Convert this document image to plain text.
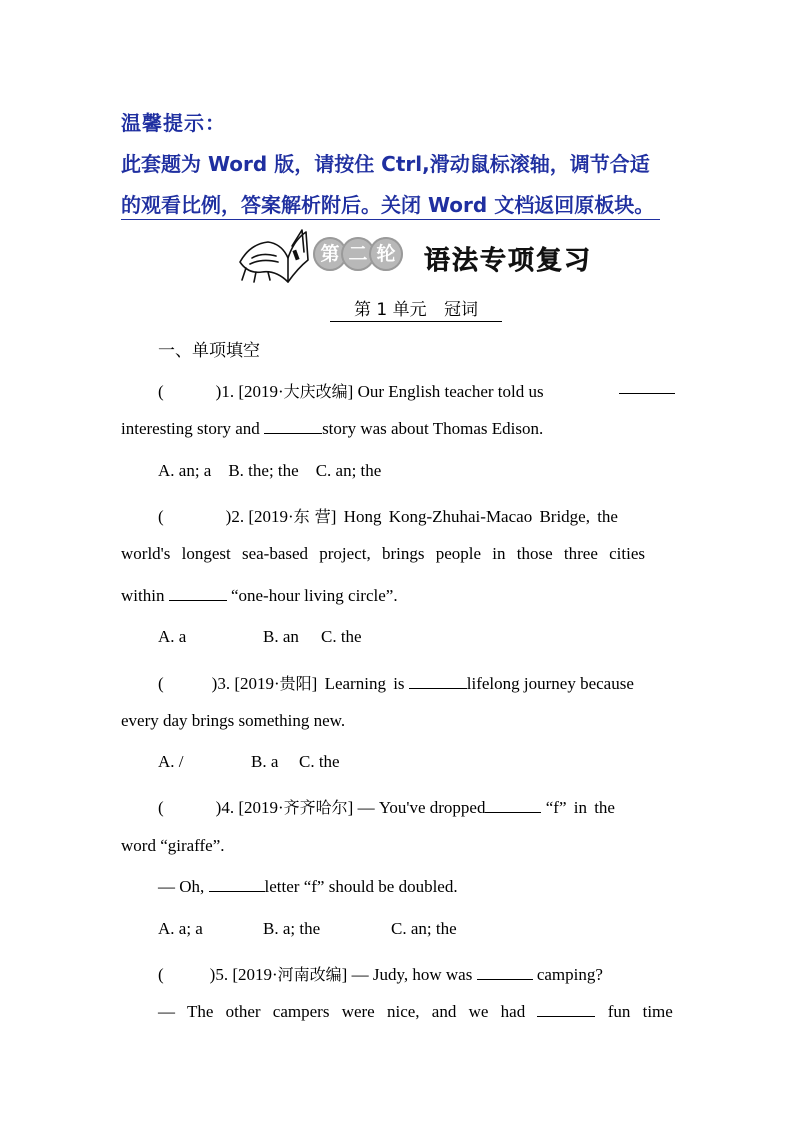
温馨提示：
此套题为 Word 版，请按住 Ctrl,滑动鼠标滚轴，调节合适
的观看比例，答案解析附后。关闭 Word 文档返回原板块。
第 二 轮 语法专项复习
第 1 单元 冠词
一、单项填空
(	)1. [2019·大庆改编] Our English teacher told us
interesting story and	story was about Thomas Edison.
A. an; a B. the; the C. an; the
(	)2. [2019·东 营] Hong Kong-Zhuhai-Macao Bridge, the
world's longest sea-based project, brings people in those three cities
within	“one-hour living circle”.
A. a	B. an C. the
(	)3. [2019·贵阳] Learning is	lifelong journey because
every day brings something new.
A. /	B. a C. the
(	)4. [2019·齐齐哈尔] — You've dropped	“f” in the
word “giraffe”.
— Oh,	letter “f” should be doubled.
A. a; a	B. a; the	C. an; the
(	)5. [2019·河南改编] — Judy, how was	camping?
— The other campers were nice, and we had	fun time
